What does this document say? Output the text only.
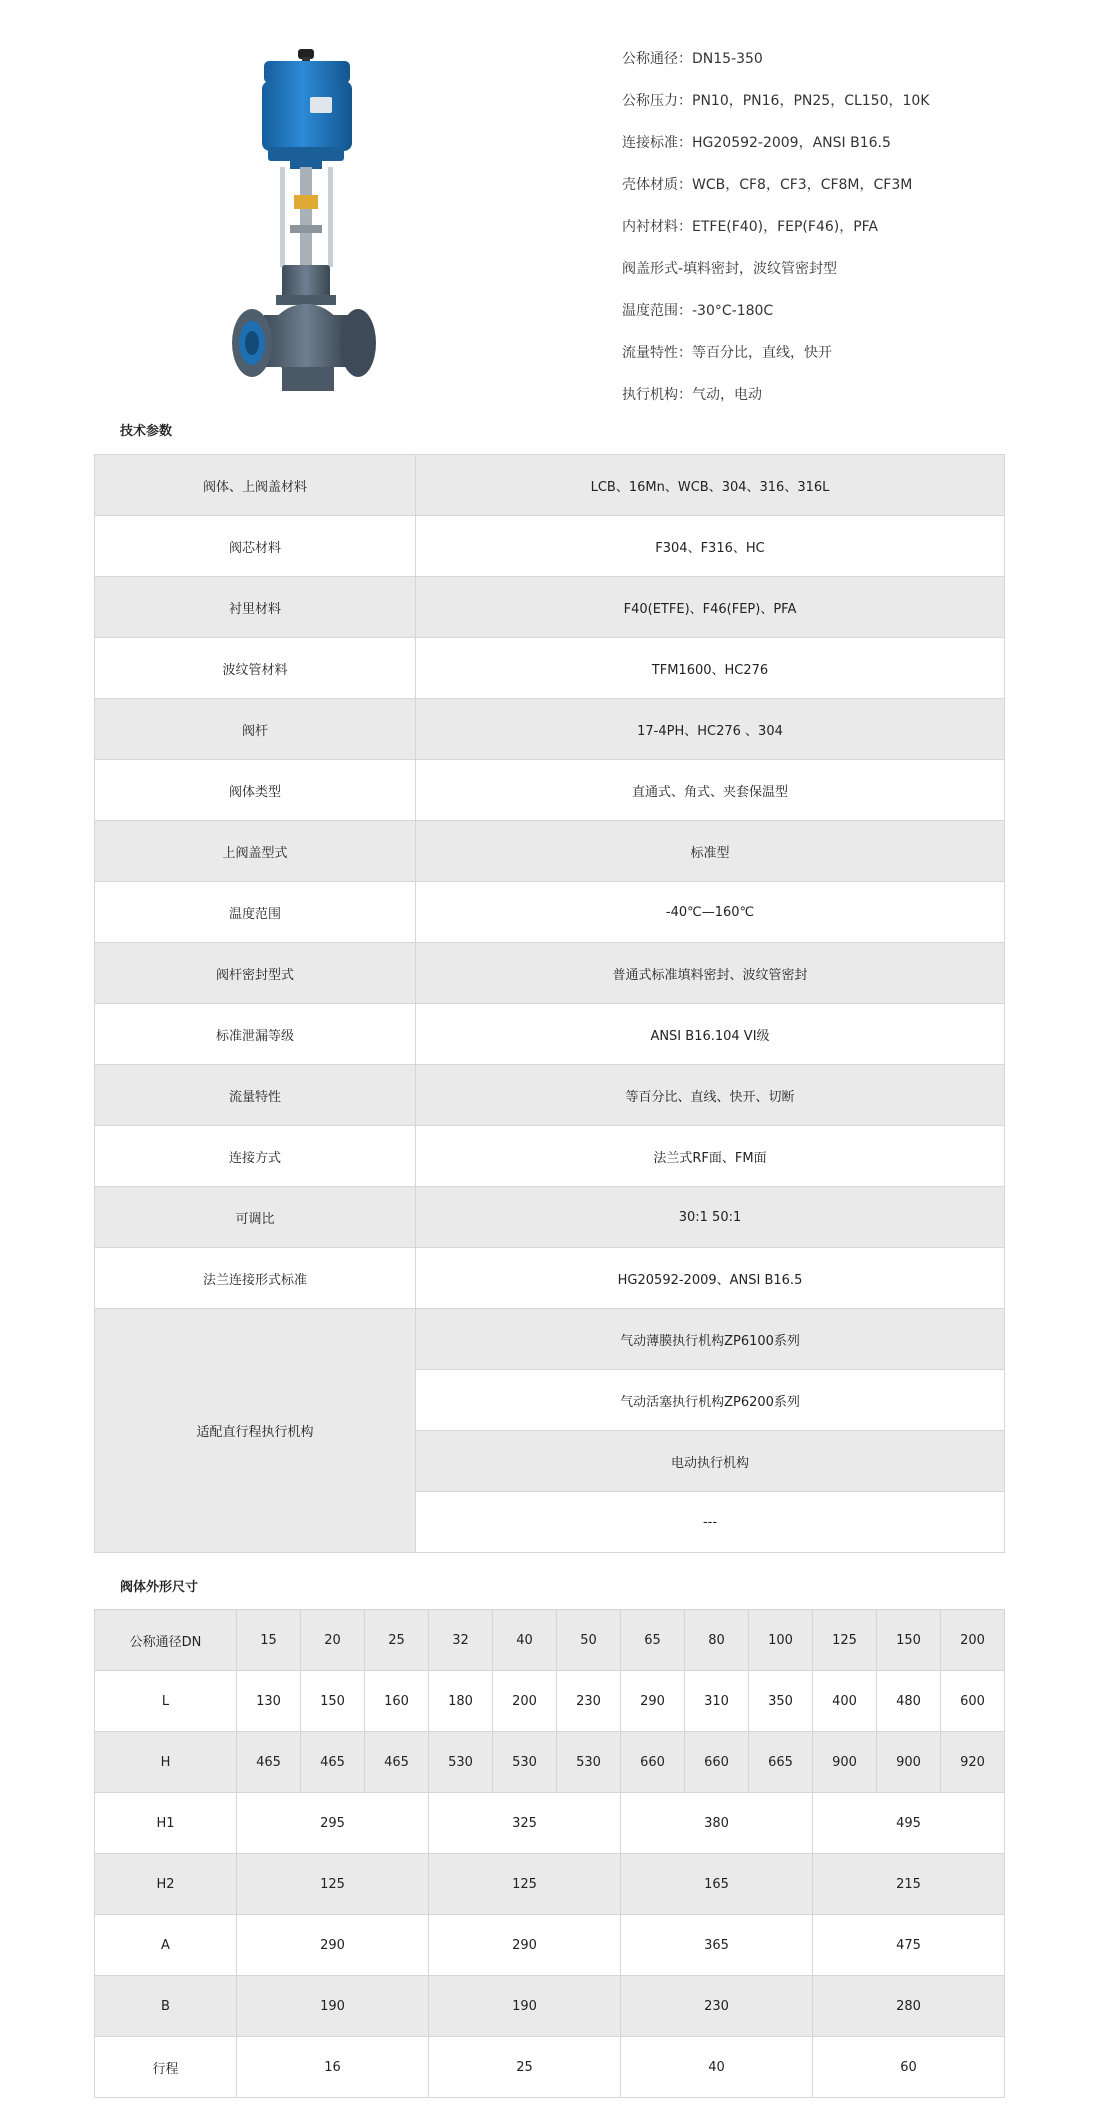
公称通径：DN15-350
公称压力：PN10，PN16，PN25，CL150，10K
连接标准：HG20592-2009，ANSI B16.5
壳体材质：WCB，CF8，CF3，CF8M，CF3M
内衬材料：ETFE(F40)，FEP(F46)，PFA
阀盖形式-填料密封，波纹管密封型
温度范围：-30°C-180C
流量特性：等百分比，直线，快开
执行机构：气动，电动
技术参数
阀体、上阀盖材料	LCB、16Mn、WCB、304、316、316L
阀芯材料	F304、F316、HC
衬里材料	F40(ETFE)、F46(FEP)、PFA
波纹管材料	TFM1600、HC276
阀杆	17-4PH、HC276 、304
阀体类型	直通式、角式、夹套保温型
上阀盖型式	标准型
温度范围	-40℃—160℃
阀杆密封型式	普通式标准填料密封、波纹管密封
标准泄漏等级	ANSI B16.104 VI级
流量特性	等百分比、直线、快开、切断
连接方式	法兰式RF面、FM面
可调比	30:1 50:1
法兰连接形式标准	HG20592-2009、ANSI B16.5
适配直行程执行机构	气动薄膜执行机构ZP6100系列
	气动活塞执行机构ZP6200系列
	电动执行机构
	---
阀体外形尺寸
公称通径DN	15	20	25	32	40	50	65	80	100	125	150	200
L	130	150	160	180	200	230	290	310	350	400	480	600
H	465	465	465	530	530	530	660	660	665	900	900	920
H1	295			325			380			495		
H2	125			125			165			215		
A	290			290			365			475		
B	190			190			230			280		
行程	16			25			40			60		
